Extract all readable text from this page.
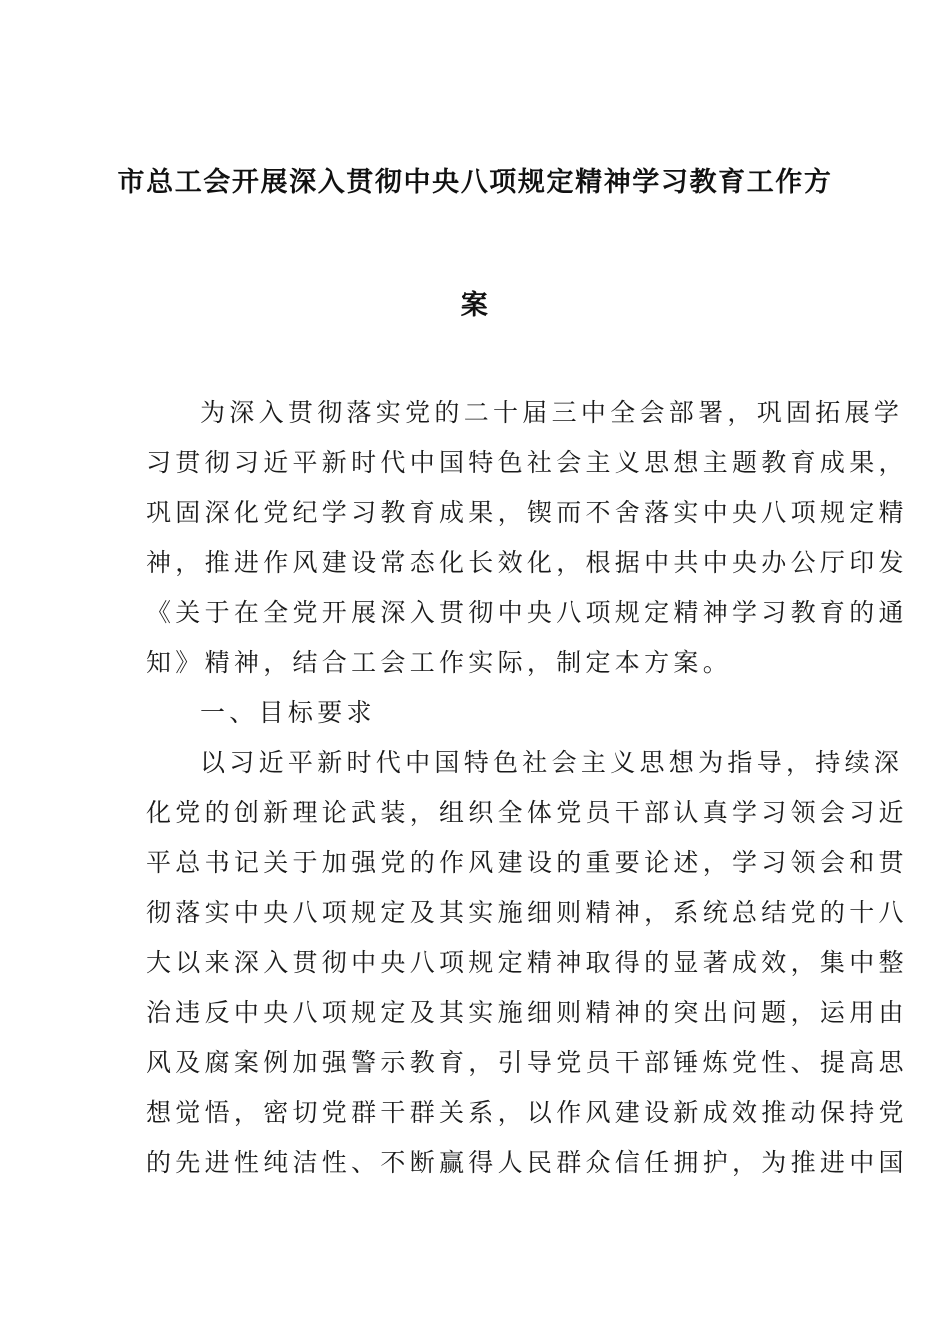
市总工会开展深入贯彻中央八项规定精神学习教育工作方
案
为深入贯彻落实党的二十届三中全会部署，巩固拓展学
习贯彻习近平新时代中国特色社会主义思想主题教育成果，
巩固深化党纪学习教育成果，锲而不舍落实中央八项规定精
神，推进作风建设常态化长效化，根据中共中央办公厅印发
《关于在全党开展深入贯彻中央八项规定精神学习教育的通
知》精神，结合工会工作实际，制定本方案。
一、目标要求
以习近平新时代中国特色社会主义思想为指导，持续深
化党的创新理论武装，组织全体党员干部认真学习领会习近
平总书记关于加强党的作风建设的重要论述，学习领会和贯
彻落实中央八项规定及其实施细则精神，系统总结党的十八
大以来深入贯彻中央八项规定精神取得的显著成效，集中整
治违反中央八项规定及其实施细则精神的突出问题，运用由
风及腐案例加强警示教育，引导党员干部锤炼党性、提高思
想觉悟，密切党群干群关系，以作风建设新成效推动保持党
的先进性纯洁性、不断赢得人民群众信任拥护，为推进中国
